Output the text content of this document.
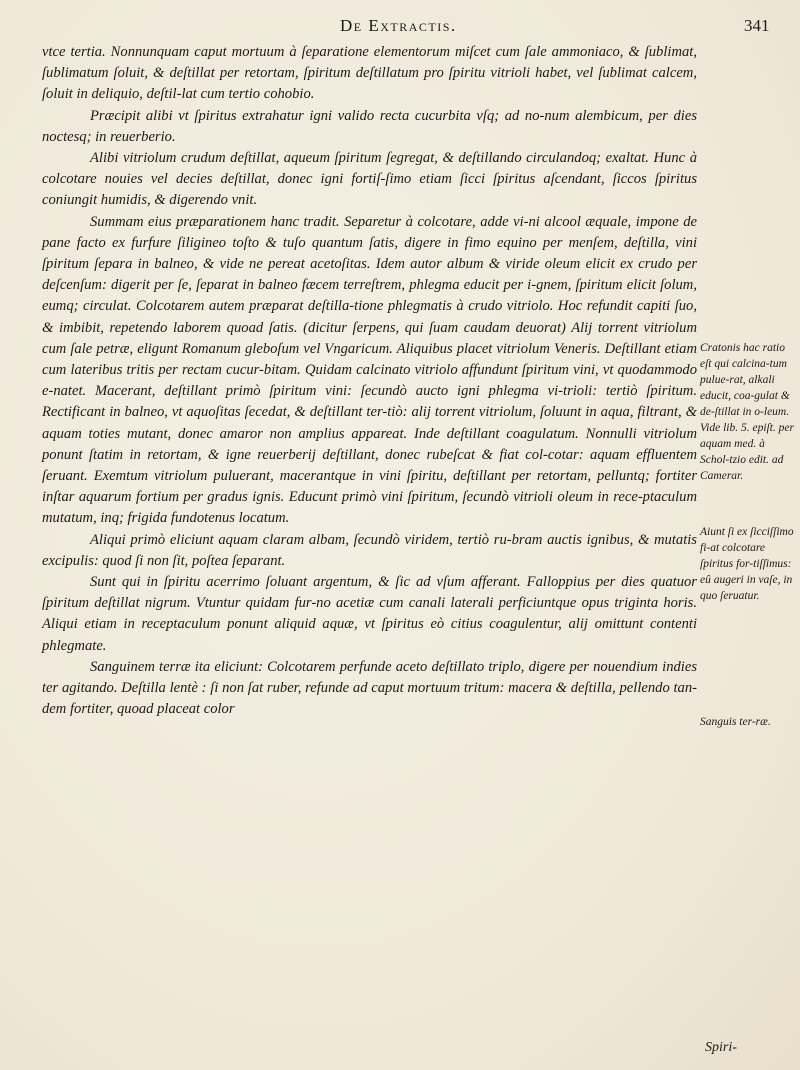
De Extractis.	341

vtce tertia. Nonnunquam caput mortuum à ſeparatione elementorum miſcet cum ſale ammoniaco, & ſublimat, ſublimatum ſoluit, & deſtillat per retortam, ſpiritum deſtillatum pro ſpiritu vitrioli habet, vel ſublimat calcem, ſoluit in deliquio, deſtil-lat cum tertio cohobio.

Præcipit alibi vt ſpiritus extrahatur igni valido recta cucurbita vſq; ad no-num alembicum, per dies noctesq; in reuerberio.

Alibi vitriolum crudum deſtillat, aqueum ſpiritum ſegregat, & deſtillando circulandoq; exaltat. Hunc à colcotare nouies vel decies deſtillat, donec igni fortiſ-ſimo etiam ſicci ſpiritus aſcendant, ſiccos ſpiritus coniungit humidis, & digerendo vnit.

Summam eius præparationem hanc tradit. Separetur à colcotare, adde vi-ni alcool æquale, impone de pane facto ex furfure ſiligineo toſto & tuſo quantum ſatis, digere in fimo equino per menſem, deſtilla, vini ſpiritum ſepara in balneo, & vide ne pereat acetoſitas. Idem autor album & viride oleum elicit ex crudo per deſcenſum: digerit per ſe, ſeparat in balneo fæcem terreſtrem, phlegma educit per i-gnem, ſpiritum elicit ſolum, eumq; circulat. Colcotarem autem præparat deſtilla-tione phlegmatis à crudo vitriolo. Hoc refundit capiti ſuo, & imbibit, repetendo laborem quoad ſatis. (dicitur ſerpens, qui ſuam caudam deuorat) Alij torrent vitriolum cum ſale petræ, eligunt Romanum gleboſum vel Vngaricum. Aliquibus placet vitriolum Veneris. Deſtillant etiam cum lateribus tritis per rectam cucur-bitam. Quidam calcinato vitriolo affundunt ſpiritum vini, vt quodammodo e-natet. Macerant, deſtillant primò ſpiritum vini: ſecundò aucto igni phlegma vi-trioli: tertiò ſpiritum. Rectificant in balneo, vt aquoſitas ſecedat, & deſtillant ter-tiò: alij torrent vitriolum, ſoluunt in aqua, filtrant, & aquam toties mutant, donec amaror non amplius appareat. Inde deſtillant coagulatum. Nonnulli vitriolum ponunt ſtatim in retortam, & igne reuerberij deſtillant, donec rubeſcat & fiat col-cotar: aquam effluentem ſeruant. Exemtum vitriolum puluerant, macerantque in vini ſpiritu, deſtillant per retortam, pelluntq; fortiter inſtar aquarum fortium per gradus ignis. Educunt primò vini ſpiritum, ſecundò vitrioli oleum in rece-ptaculum mutatum, inq; frigida fundotenus locatum.

Aliqui primò eliciunt aquam claram albam, ſecundò viridem, tertiò ru-bram auctis ignibus, & mutatis excipulis: quod ſi non ſit, poſtea ſeparant.

Sunt qui in ſpiritu acerrimo ſoluant argentum, & ſic ad vſum afferant. Falloppius per dies quatuor ſpiritum deſtillat nigrum. Vtuntur quidam fur-no acetiæ cum canali laterali perficiuntque opus triginta horis. Aliqui etiam in receptaculum ponunt aliquid aquæ, vt ſpiritus eò citius coagulentur, alij omittunt contenti phlegmate.

Sanguinem terræ ita eliciunt: Colcotarem perfunde aceto deſtillato triplo, digere per nouendium indies ter agitando. Deſtilla lentè : ſi non ſat ruber, refunde ad caput mortuum tritum: macera & deſtilla, pellendo tan-dem fortiter, quoad placeat color

Cratonis hac ratio eſt qui calcina-tum pulue-rat, alkali educit, coa-gulat & de-ſtillat in o-leum. Vide lib. 5. epiſt. per aquam med. à Schol-tzio edit. ad Camerar.

Aiunt ſi ex ſicciſſimo fi-at colcotare ſpiritus for-tiſſimus: eû augeri in vaſe, in quo ſeruatur.

Sanguis ter-ræ.

Spiri-
